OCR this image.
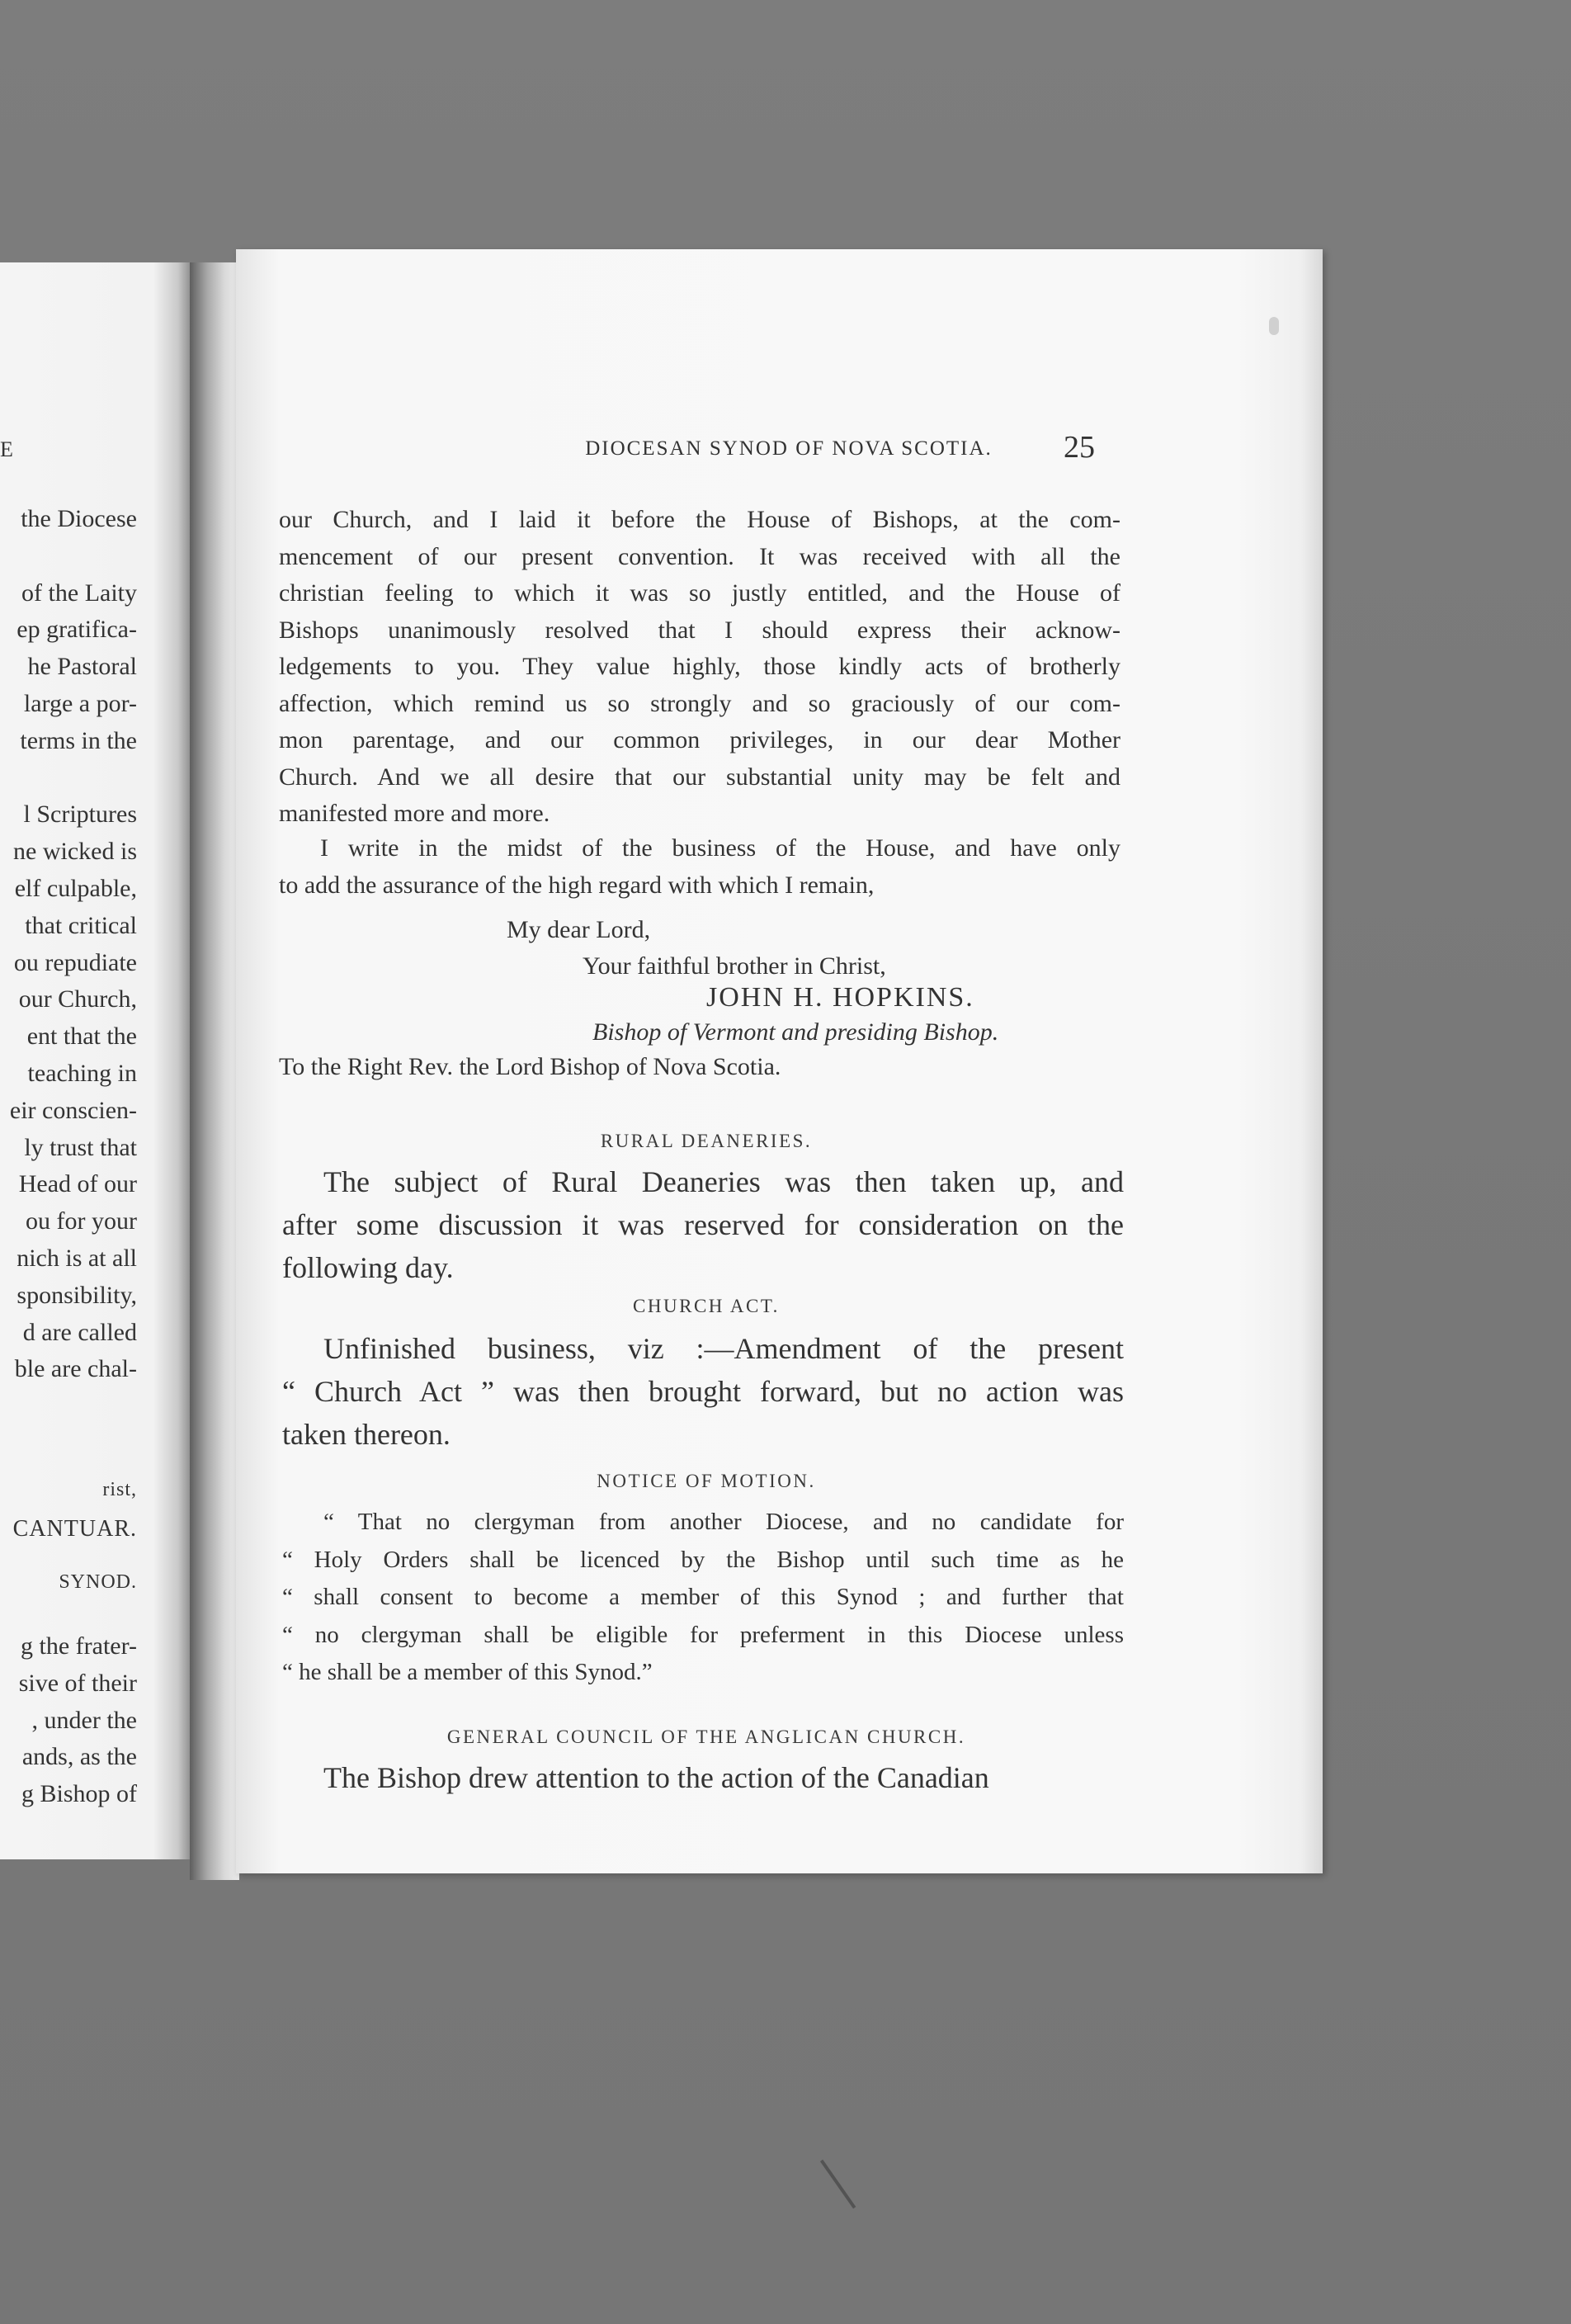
E
the Diocese
of the Laity
ep gratifica-
he Pastoral
large a por-
terms in the
l Scriptures
ne wicked is
elf culpable,
that critical
ou repudiate
our Church,
ent that the
teaching in
eir conscien-
ly trust that
Head of our
ou for your
nich is at all
sponsibility,
d are called
ble are chal-
rist,
CANTUAR.
SYNOD.
g the frater-
sive of their
, under the
ands, as the
g Bishop of
DIOCESAN SYNOD OF NOVA SCOTIA.	25
our Church, and I laid it before the House of Bishops, at the com-
mencement of our present convention. It was received with all the
christian feeling to which it was so justly entitled, and the House of
Bishops unanimously resolved that I should express their acknow-
ledgements to you. They value highly, those kindly acts of brotherly
affection, which remind us so strongly and so graciously of our com-
mon parentage, and our common privileges, in our dear Mother
Church. And we all desire that our substantial unity may be felt and
manifested more and more.
I write in the midst of the business of the House, and have only
to add the assurance of the high regard with which I remain,
My dear Lord,
Your faithful brother in Christ,
JOHN H. HOPKINS.
Bishop of Vermont and presiding Bishop.
To the Right Rev. the Lord Bishop of Nova Scotia.
RURAL DEANERIES.
The subject of Rural Deaneries was then taken up, and
after some discussion it was reserved for consideration on the
following day.
CHURCH ACT.
Unfinished business, viz :—Amendment of the present
“ Church Act ” was then brought forward, but no action was
taken thereon.
NOTICE OF MOTION.
“ That no clergyman from another Diocese, and no candidate for
“ Holy Orders shall be licenced by the Bishop until such time as he
“ shall consent to become a member of this Synod ; and further that
“ no clergyman shall be eligible for preferment in this Diocese unless
“ he shall be a member of this Synod.”
GENERAL COUNCIL OF THE ANGLICAN CHURCH.
The Bishop drew attention to the action of the Canadian
